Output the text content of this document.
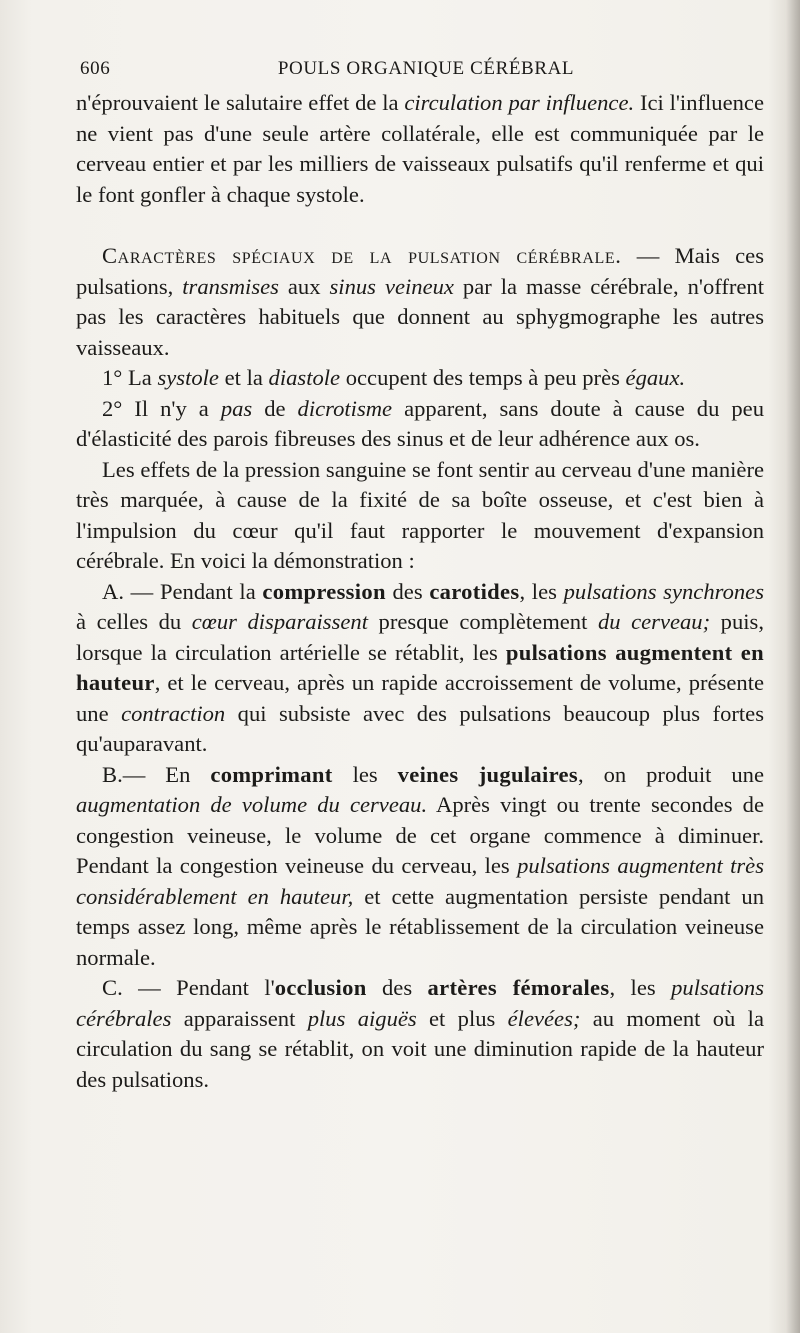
606	POULS ORGANIQUE CÉRÉBRAL

n'éprouvaient le salutaire effet de la circulation par influence. Ici l'influence ne vient pas d'une seule artère collatérale, elle est communiquée par le cerveau entier et par les milliers de vaisseaux pulsatifs qu'il renferme et qui le font gonfler à chaque systole.

Caractères spéciaux de la pulsation cérébrale. — Mais ces pulsations, transmises aux sinus veineux par la masse cérébrale, n'offrent pas les caractères habituels que donnent au sphygmographe les autres vaisseaux.

1° La systole et la diastole occupent des temps à peu près égaux.

2° Il n'y a pas de dicrotisme apparent, sans doute à cause du peu d'élasticité des parois fibreuses des sinus et de leur adhérence aux os.

Les effets de la pression sanguine se font sentir au cerveau d'une manière très marquée, à cause de la fixité de sa boîte osseuse, et c'est bien à l'impulsion du cœur qu'il faut rapporter le mouvement d'expansion cérébrale. En voici la démonstration :

A. — Pendant la compression des carotides, les pulsations synchrones à celles du cœur disparaissent presque complètement du cerveau; puis, lorsque la circulation artérielle se rétablit, les pulsations augmentent en hauteur, et le cerveau, après un rapide accroissement de volume, présente une contraction qui subsiste avec des pulsations beaucoup plus fortes qu'auparavant.

B.— En comprimant les veines jugulaires, on produit une augmentation de volume du cerveau. Après vingt ou trente secondes de congestion veineuse, le volume de cet organe commence à diminuer. Pendant la congestion veineuse du cerveau, les pulsations augmentent très considérablement en hauteur, et cette augmentation persiste pendant un temps assez long, même après le rétablissement de la circulation veineuse normale.

C. — Pendant l'occlusion des artères fémorales, les pulsations cérébrales apparaissent plus aiguës et plus élevées; au moment où la circulation du sang se rétablit, on voit une diminution rapide de la hauteur des pulsations.
